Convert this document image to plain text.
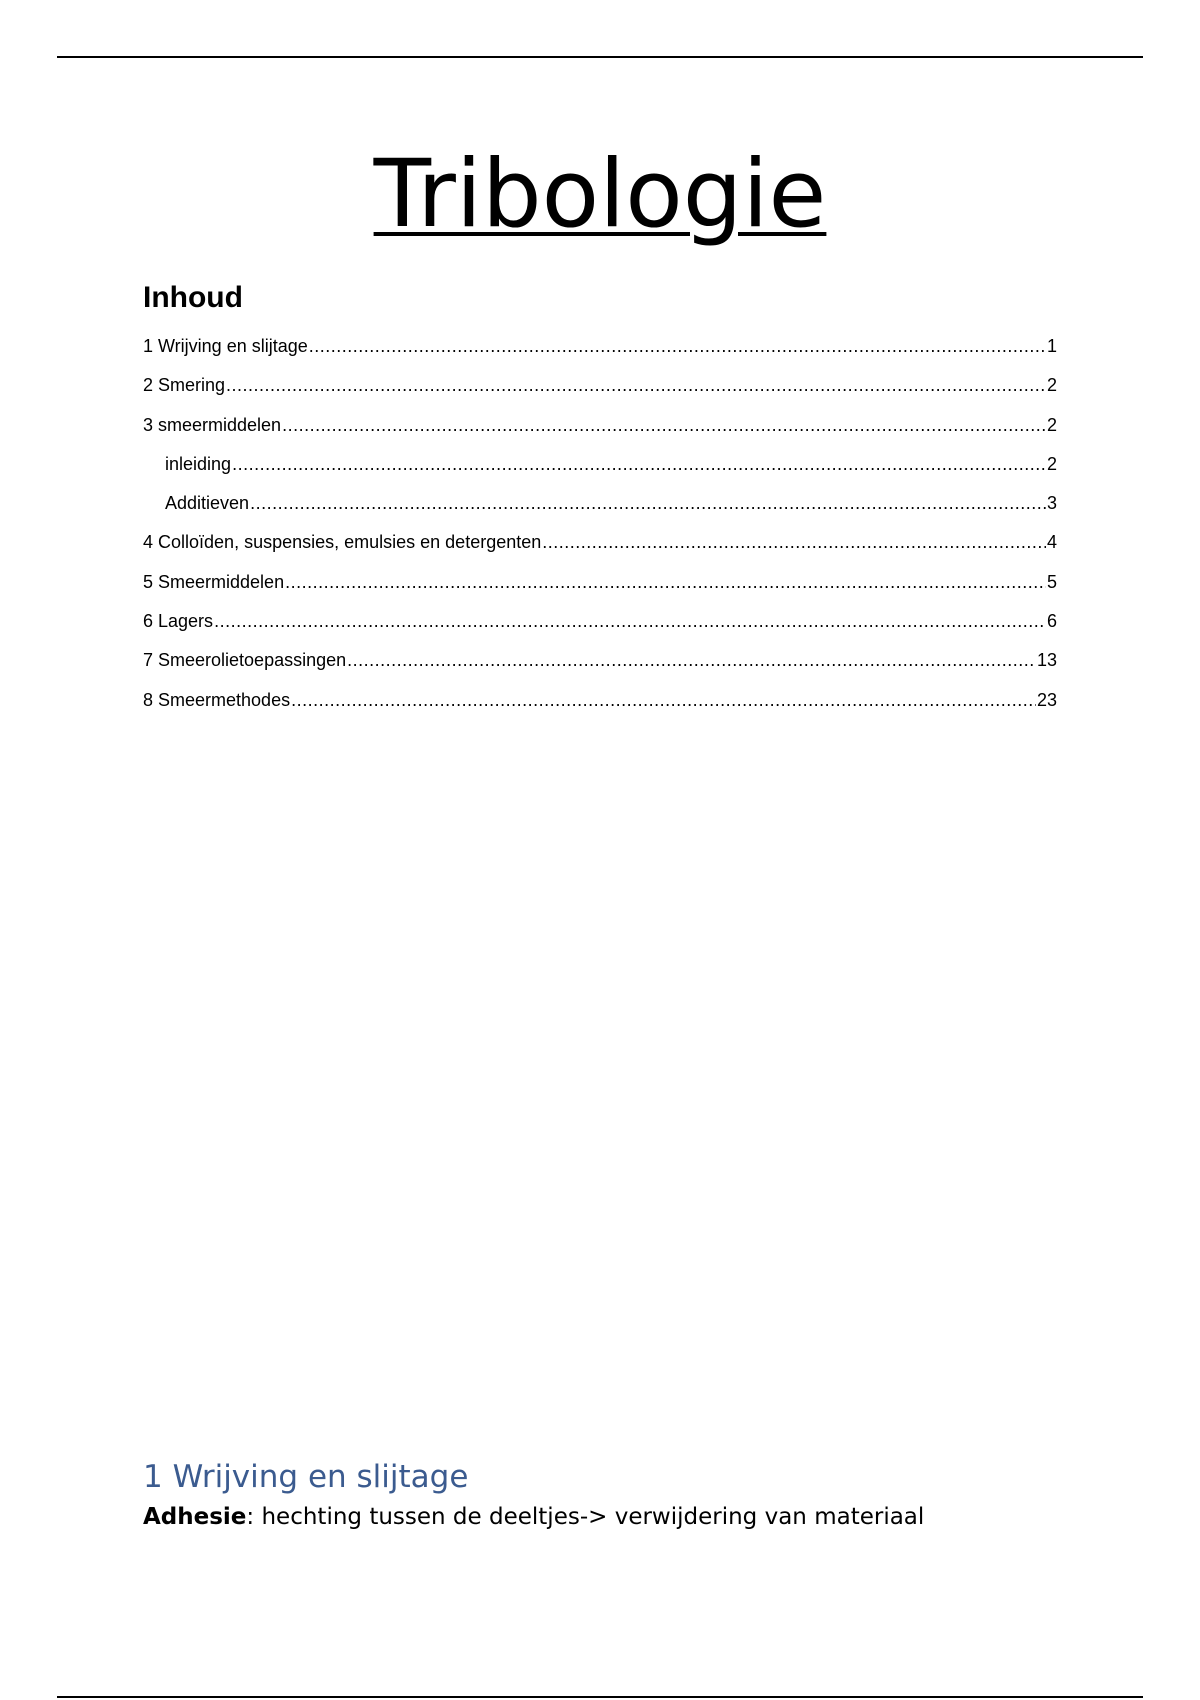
Tribologie
Inhoud
1 Wrijving en slijtage .....	1
2 Smering .....	2
3 smeermiddelen .....	2
inleiding .....	2
Additieven .....	3
4 Colloïden, suspensies, emulsies en detergenten .....	4
5 Smeermiddelen .....	5
6 Lagers .....	6
7 Smeerolietoepassingen .....	13
8 Smeermethodes .....	23
1 Wrijving en slijtage
Adhesie: hechting tussen de deeltjes-> verwijdering van materiaal
